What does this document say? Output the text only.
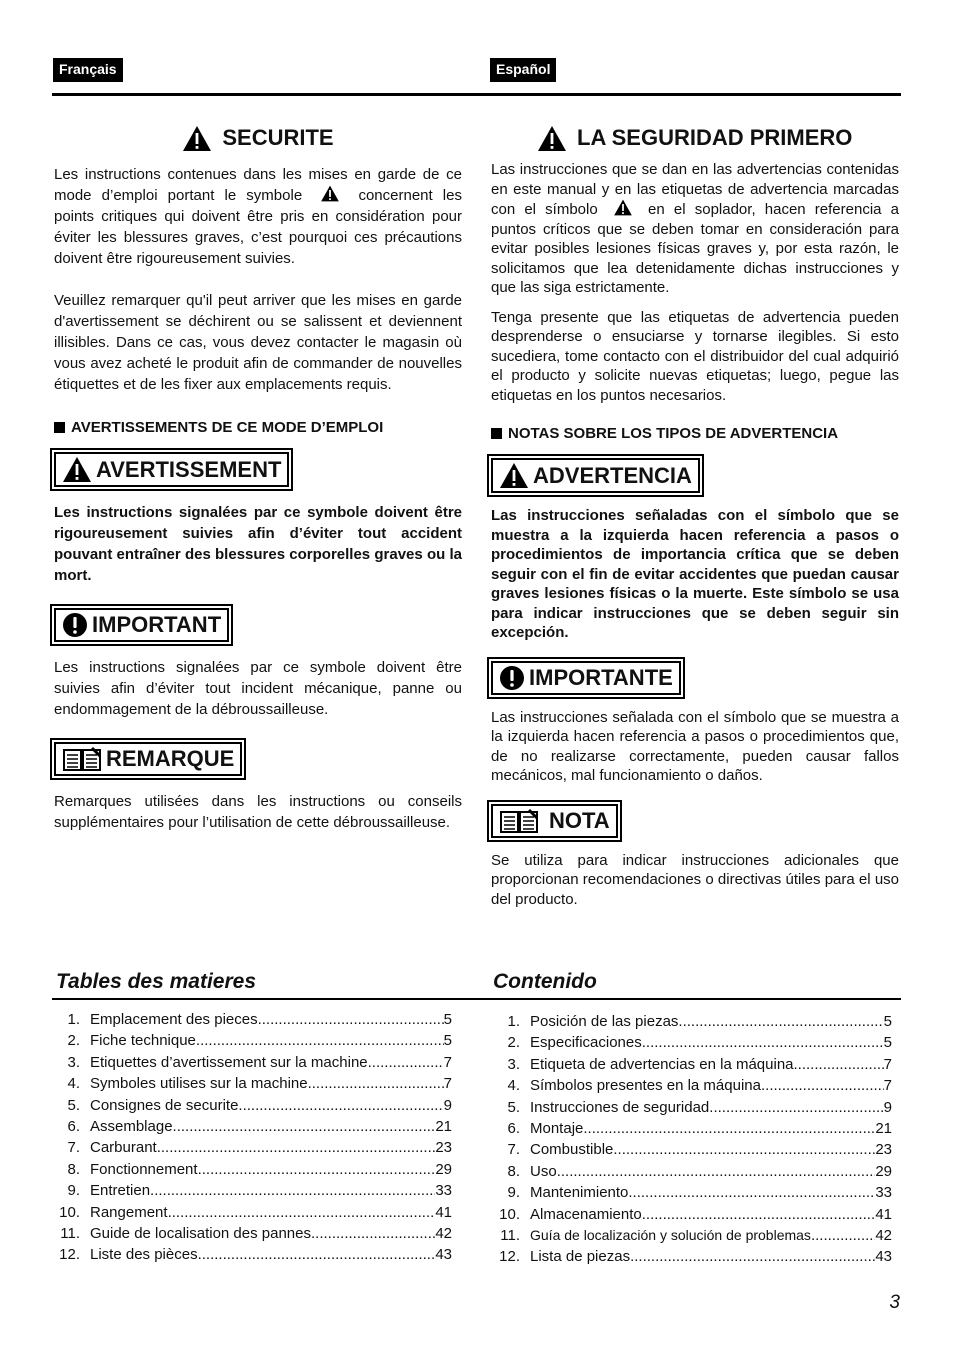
Français	Español
SECURITE

Les instructions contenues dans les mises en garde de ce mode d’emploi portant le symbole	concernent les points critiques qui doivent être pris en considération pour éviter les blessures graves, c’est pourquoi ces précautions doivent être rigoureusement suivies.

Veuillez remarquer qu'il peut arriver que les mises en garde d'avertissement se déchirent ou se salissent et deviennent illisibles. Dans ce cas, vous devez contacter le magasin où vous avez acheté le produit afin de commander de nouvelles étiquettes et de les fixer aux emplacements requis.

AVERTISSEMENTS DE CE MODE D’EMPLOI
AVERTISSEMENT

Les instructions signalées par ce symbole doivent être rigoureusement suivies afin d’éviter tout accident pouvant entraîner des blessures corporelles graves ou la mort.

IMPORTANT

Les instructions signalées par ce symbole doivent être suivies afin d’éviter tout incident mécanique, panne ou endommagement de la débroussailleuse.

REMARQUE

Remarques utilisées dans les instructions ou conseils supplémentaires pour l’utilisation de cette débroussailleuse.

LA SEGURIDAD PRIMERO

Las instrucciones que se dan en las advertencias contenidas en este manual y en las etiquetas de advertencia marcadas con el símbolo	en el soplador, hacen referencia a puntos críticos que se deben tomar en consideración para evitar posibles lesiones físicas graves y, por esta razón, le solicitamos que lea detenidamente dichas instrucciones y que las siga estrictamente.

Tenga presente que las etiquetas de advertencia pueden desprenderse o ensuciarse y tornarse ilegibles. Si esto sucediera, tome contacto con el distribuidor del cual adquirió el producto y solicite nuevas etiquetas; luego, pegue las etiquetas en los puntos necesarios.

NOTAS SOBRE LOS TIPOS DE ADVERTENCIA
ADVERTENCIA

Las instrucciones señaladas con el símbolo que se muestra a la izquierda hacen referencia a pasos o procedimientos de importancia crítica que se deben seguir con el fin de evitar accidentes que puedan causar graves lesiones físicas o la muerte. Este símbolo se usa para indicar instrucciones que se deben seguir sin excepción.

IMPORTANTE

Las instrucciones señalada con el símbolo que se muestra a la izquierda hacen referencia a pasos o procedimientos que, de no realizarse correctamente, pueden causar fallos mecánicos, mal funcionamiento o daños.

NOTA

Se utiliza para indicar instrucciones adicionales que proporcionan recomendaciones o directivas útiles para el uso del producto.

Tables des matieres	Contenido
1. Emplacement des pieces .....	5
2. Fiche technique .....	5
3. Etiquettes d’avertissement sur la machine .....	7
4. Symboles utilises sur la machine .....	7
5. Consignes de securite .....	9
6. Assemblage .....	21
7. Carburant .....	23
8. Fonctionnement .....	29
9. Entretien .....	33
10. Rangement .....	41
11. Guide de localisation des pannes .....	42
12. Liste des pièces .....	43
1. Posición de las piezas .....	5
2. Especificaciones .....	5
3. Etiqueta de advertencias en la máquina .....	7
4. Símbolos presentes en la máquina .....	7
5. Instrucciones de seguridad .....	9
6. Montaje .....	21
7. Combustible .....	23
8. Uso .....	29
9. Mantenimiento .....	33
10. Almacenamiento .....	41
11. Guía de localización y solución de problemas .....	42
12. Lista de piezas .....	43
3
